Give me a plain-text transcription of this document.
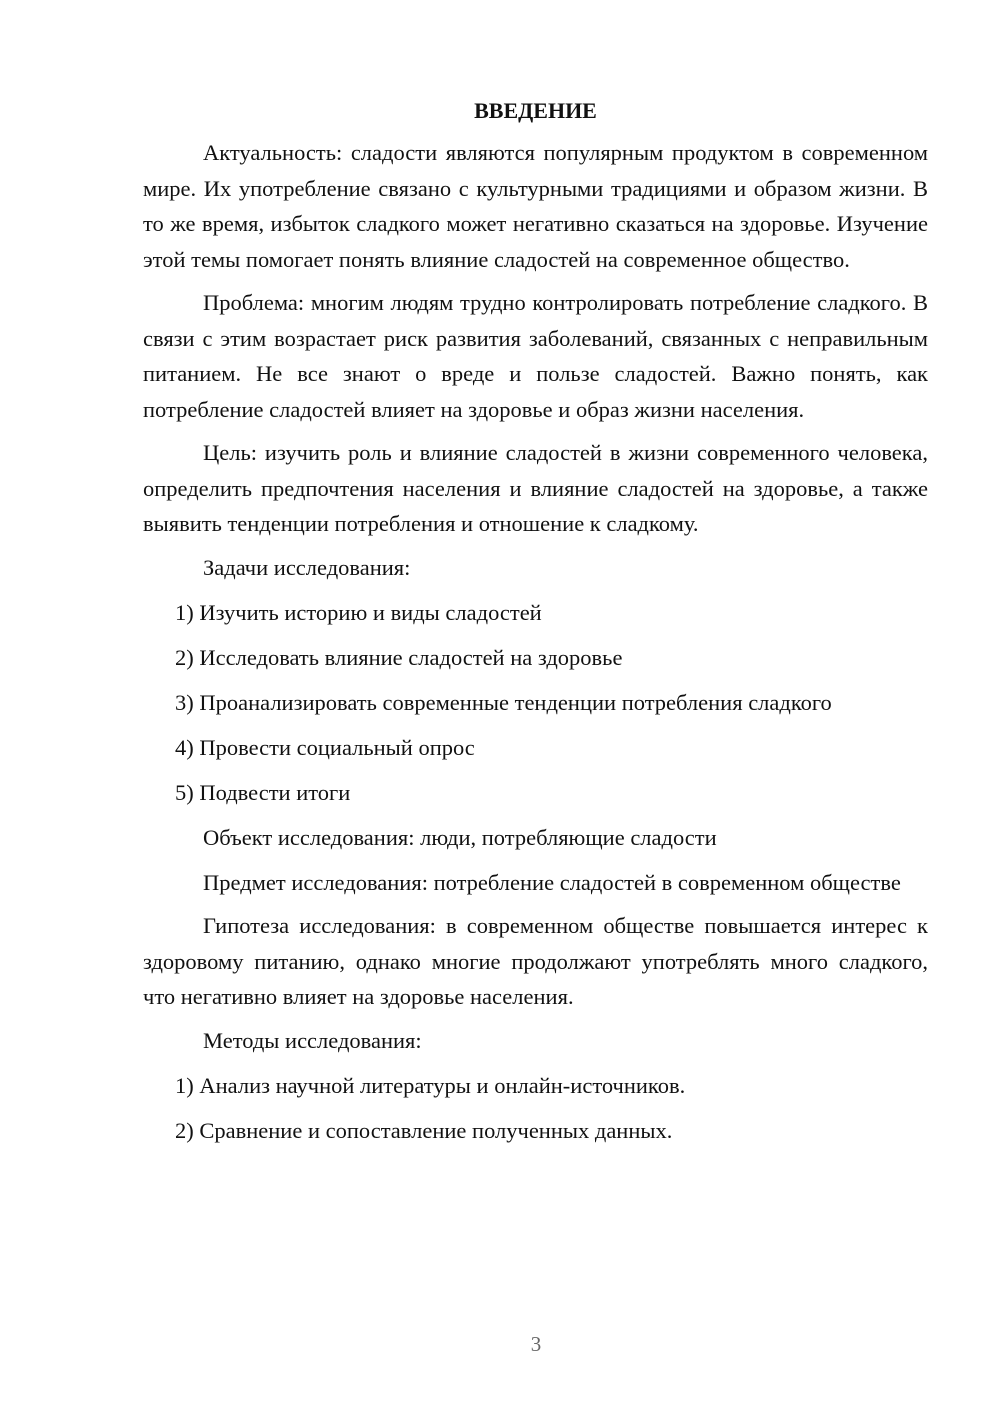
ВВЕДЕНИЕ

Актуальность: сладости являются популярным продуктом в современном мире. Их употребление связано с культурными традициями и образом жизни. В то же время, избыток сладкого может негативно сказаться на здоровье. Изучение этой темы помогает понять влияние сладостей на современное общество.

Проблема: многим людям трудно контролировать потребление сладкого. В связи с этим возрастает риск развития заболеваний, связанных с неправильным питанием. Не все знают о вреде и пользе сладостей. Важно понять, как потребление сладостей влияет на здоровье и образ жизни населения.

Цель: изучить роль и влияние сладостей в жизни современного человека, определить предпочтения населения и влияние сладостей на здоровье, а также выявить тенденции потребления и отношение к сладкому.

Задачи исследования:
1) Изучить историю и виды сладостей
2) Исследовать влияние сладостей на здоровье
3) Проанализировать современные тенденции потребления сладкого
4) Провести социальный опрос
5) Подвести итоги
Объект исследования: люди, потребляющие сладости

Предмет исследования: потребление сладостей в современном обществе

Гипотеза исследования: в современном обществе повышается интерес к здоровому питанию, однако многие продолжают употреблять много сладкого, что негативно влияет на здоровье населения.

Методы исследования:
1) Анализ научной литературы и онлайн-источников.
2) Сравнение и сопоставление полученных данных.
3
